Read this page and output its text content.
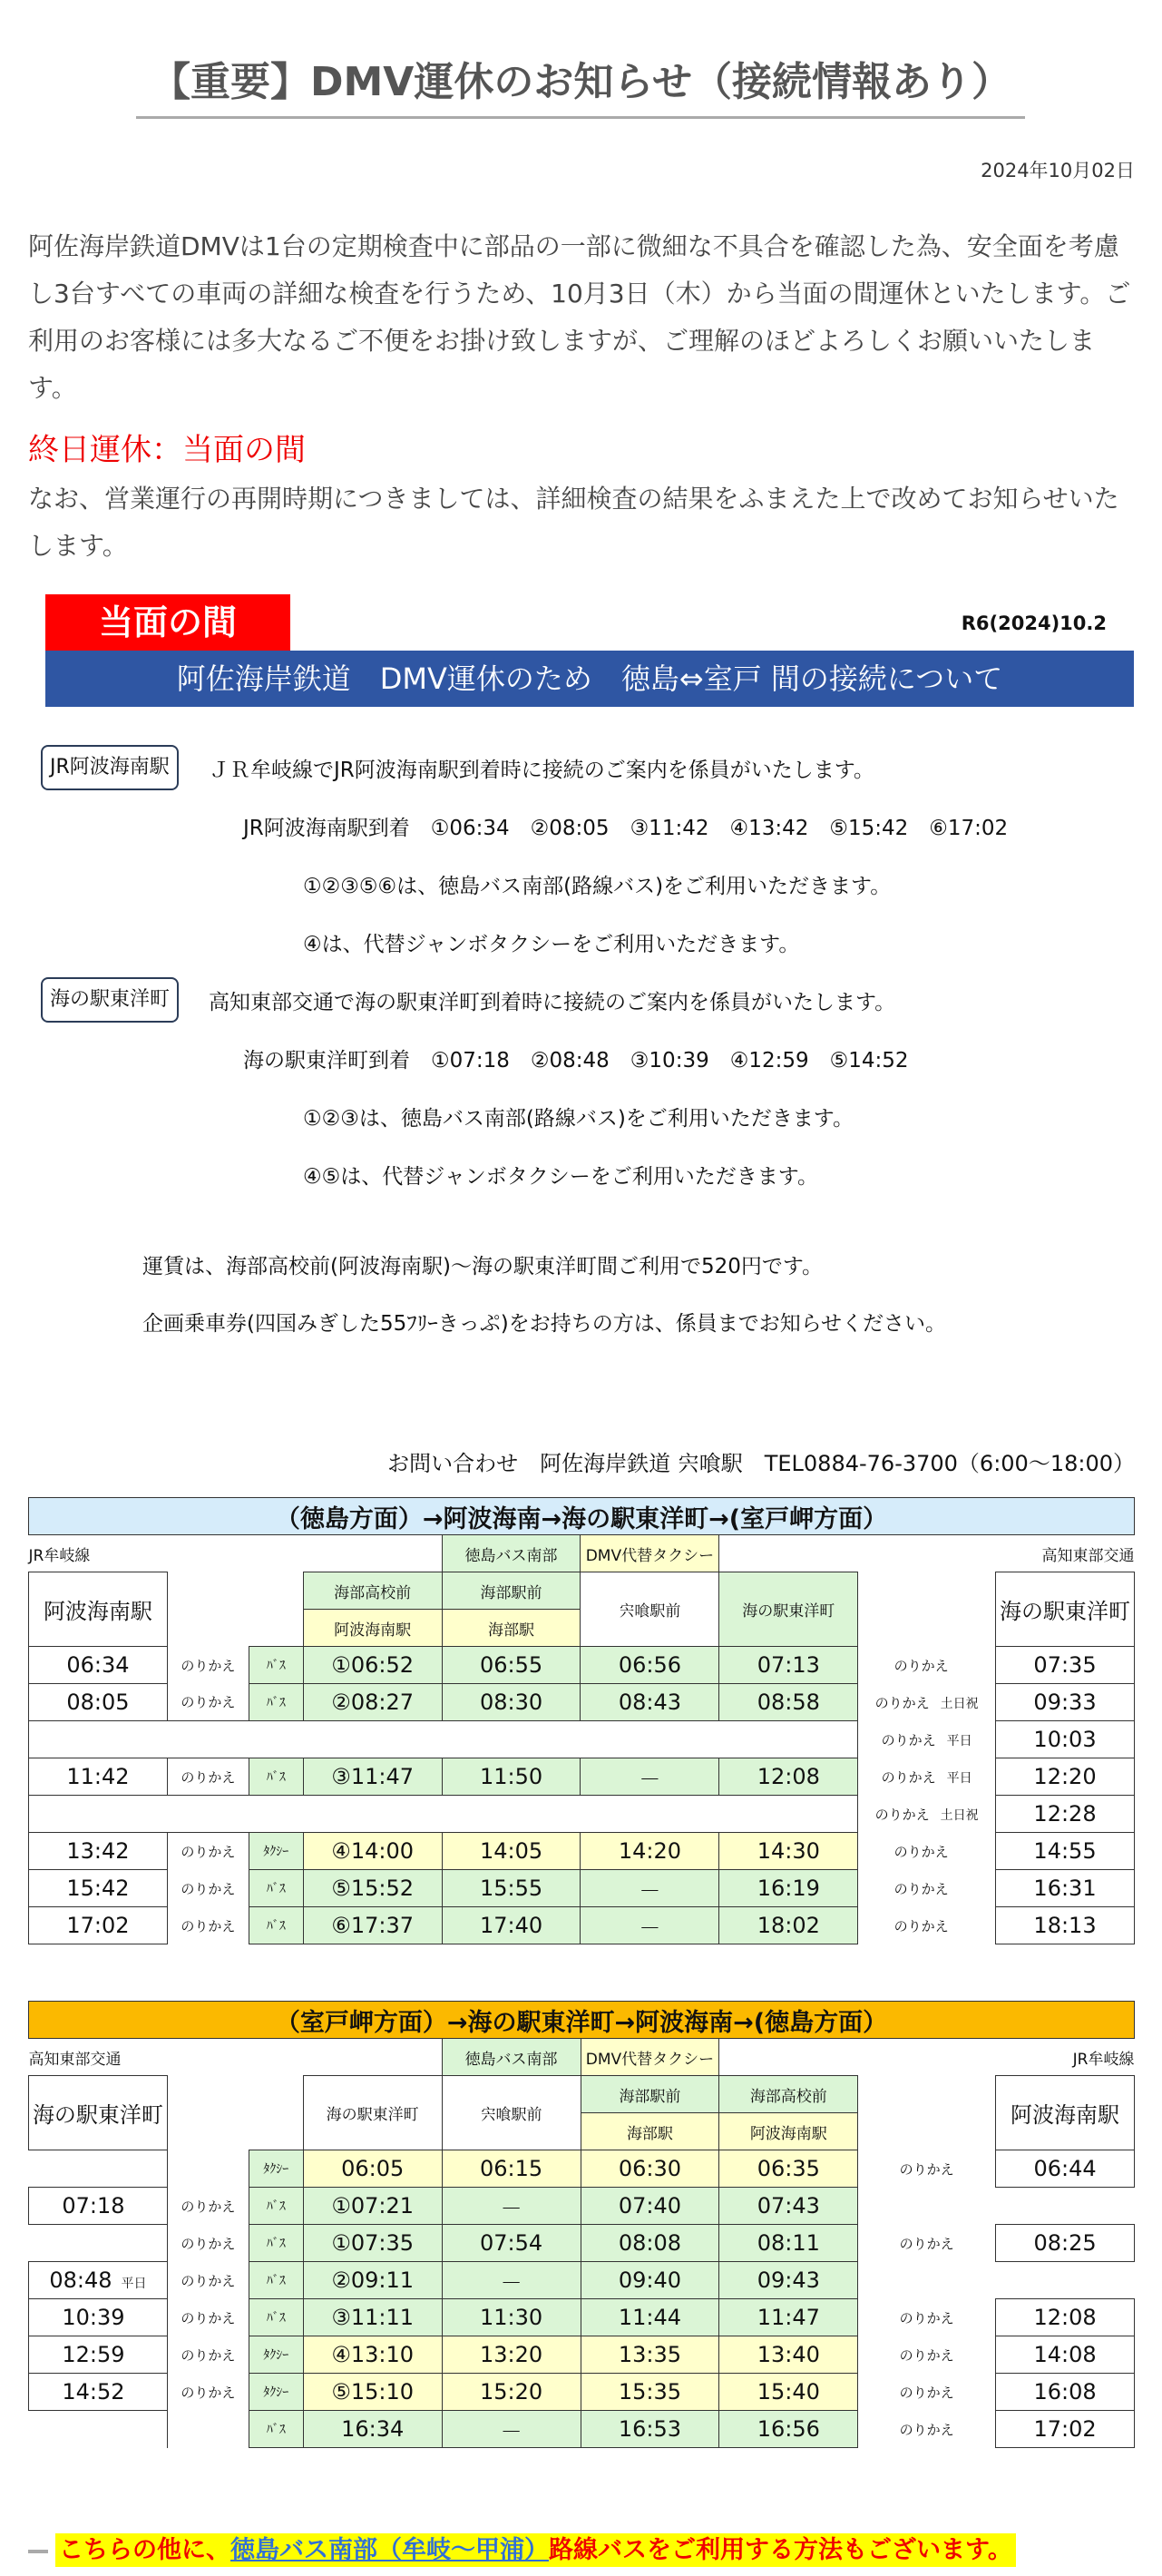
【重要】DMV運休のお知らせ（接続情報あり）
2024年10月02日
阿佐海岸鉄道DMVは1台の定期検査中に部品の一部に微細な不具合を確認した為、安全面を考慮し3台すべての車両の詳細な検査を行うため、10月3日（木）から当面の間運休といたします。ご利用のお客様には多大なるご不便をお掛け致しますが、ご理解のほどよろしくお願いいたします。
終日運休：当面の間
なお、営業運行の再開時期につきましては、詳細検査の結果をふまえた上で改めてお知らせいたします。
当面の間	R6(2024)10.2
阿佐海岸鉄道　DMV運休のため　徳島⇔室戸 間の接続について
JR阿波海南駅	ＪＲ牟岐線でJR阿波海南駅到着時に接続のご案内を係員がいたします。
JR阿波海南駅到着　①06:34　②08:05　③11:42　④13:42　⑤15:42　⑥17:02
①②③⑤⑥は、徳島バス南部(路線バス)をご利用いただきます。
④は、代替ジャンボタクシーをご利用いただきます。
海の駅東洋町	高知東部交通で海の駅東洋町到着時に接続のご案内を係員がいたします。
海の駅東洋町到着　①07:18　②08:48　③10:39　④12:59　⑤14:52
①②③は、徳島バス南部(路線バス)をご利用いただきます。
④⑤は、代替ジャンボタクシーをご利用いただきます。
運賃は、海部高校前(阿波海南駅)～海の駅東洋町間ご利用で520円です。
企画乗車券(四国みぎした55ﾌﾘｰきっぷ)をお持ちの方は、係員までお知らせください。
お問い合わせ　阿佐海岸鉄道 宍喰駅　TEL0884-76-3700（6:00～18:00）
（徳島方面）→阿波海南→海の駅東洋町→(室戸岬方面）								
JR牟岐線				徳島バス南部	DMV代替タクシー			高知東部交通
阿波海南駅			海部高校前	海部駅前	宍喰駅前	海の駅東洋町		海の駅東洋町
			阿波海南駅	海部駅				
06:34	のりかえ	ﾊﾞｽ	①06:52	06:55	06:56	07:13	のりかえ	07:35
08:05	のりかえ	ﾊﾞｽ	②08:27	08:30	08:43	08:58	のりかえ 土日祝	09:33
							のりかえ 平日	10:03
11:42	のりかえ	ﾊﾞｽ	③11:47	11:50	－	12:08	のりかえ 平日	12:20
							のりかえ 土日祝	12:28
13:42	のりかえ	ﾀｸｼｰ	④14:00	14:05	14:20	14:30	のりかえ	14:55
15:42	のりかえ	ﾊﾞｽ	⑤15:52	15:55	－	16:19	のりかえ	16:31
17:02	のりかえ	ﾊﾞｽ	⑥17:37	17:40	－	18:02	のりかえ	18:13
（室戸岬方面）→海の駅東洋町→阿波海南→(徳島方面）								
高知東部交通				徳島バス南部	DMV代替タクシー			JR牟岐線
海の駅東洋町			海の駅東洋町	宍喰駅前	海部駅前	海部高校前		阿波海南駅
					海部駅	阿波海南駅		
		ﾀｸｼｰ	06:05	06:15	06:30	06:35	のりかえ	06:44
07:18	のりかえ	ﾊﾞｽ	①07:21	－	07:40	07:43		
	のりかえ	ﾊﾞｽ	①07:35	07:54	08:08	08:11	のりかえ	08:25
08:48 平日	のりかえ	ﾊﾞｽ	②09:11	－	09:40	09:43		
10:39	のりかえ	ﾊﾞｽ	③11:11	11:30	11:44	11:47	のりかえ	12:08
12:59	のりかえ	ﾀｸｼｰ	④13:10	13:20	13:35	13:40	のりかえ	14:08
14:52	のりかえ	ﾀｸｼｰ	⑤15:10	15:20	15:35	15:40	のりかえ	16:08
		ﾊﾞｽ	16:34	－	16:53	16:56	のりかえ	17:02
こちらの他に、徳島バス南部（牟岐～甲浦）路線バスをご利用する方法もございます。
